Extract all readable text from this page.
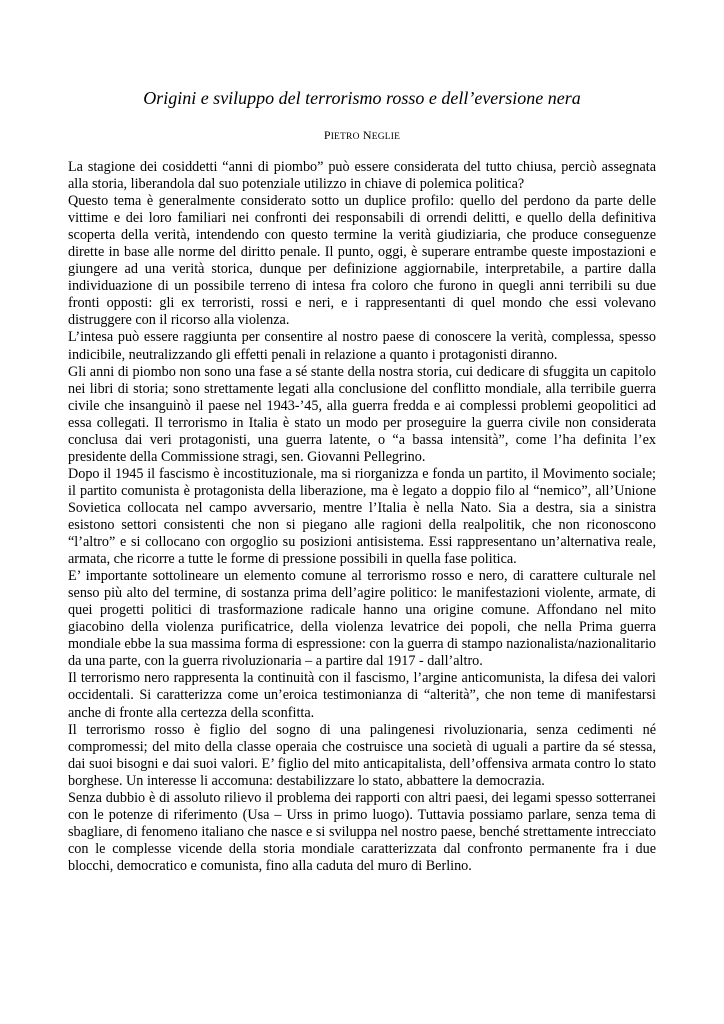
Origini e sviluppo del terrorismo rosso e dell’eversione nera
PIETRO NEGLIE

La stagione dei cosiddetti “anni di piombo” può essere considerata del tutto chiusa, perciò assegnata alla storia, liberandola dal suo potenziale utilizzo in chiave di polemica politica?

Questo tema è generalmente considerato sotto un duplice profilo: quello del perdono da parte delle vittime e dei loro familiari nei confronti dei responsabili di orrendi delitti, e quello della definitiva scoperta della verità, intendendo con questo termine la verità giudiziaria, che produce conseguenze dirette in base alle norme del diritto penale. Il punto, oggi, è superare entrambe queste impostazioni e giungere ad una verità storica, dunque per definizione aggiornabile, interpretabile, a partire dalla individuazione di un possibile terreno di intesa fra coloro che furono in quegli anni terribili su due fronti opposti: gli ex terroristi, rossi e neri, e i rappresentanti di quel mondo che essi volevano distruggere con il ricorso alla violenza.

L’intesa può essere raggiunta per consentire al nostro paese di conoscere la verità, complessa, spesso indicibile, neutralizzando gli effetti penali in relazione a quanto i protagonisti diranno.

Gli anni di piombo non sono una fase a sé stante della nostra storia, cui dedicare di sfuggita un capitolo nei libri di storia; sono strettamente legati alla conclusione del conflitto mondiale, alla terribile guerra civile che insanguinò il paese nel 1943-’45, alla guerra fredda e ai complessi problemi geopolitici ad essa collegati. Il terrorismo in Italia è stato un modo per proseguire la guerra civile non considerata conclusa dai veri protagonisti, una guerra latente, o “a bassa intensità”, come l’ha definita l’ex presidente della Commissione stragi, sen. Giovanni Pellegrino.

Dopo il 1945 il fascismo è incostituzionale, ma si riorganizza e fonda un partito, il Movimento sociale; il partito comunista è protagonista della liberazione, ma è legato a doppio filo al “nemico”, all’Unione Sovietica collocata nel campo avversario, mentre l’Italia è nella Nato. Sia a destra, sia a sinistra esistono settori consistenti che non si piegano alle ragioni della realpolitik, che non riconoscono “l’altro” e si collocano con orgoglio su posizioni antisistema. Essi rappresentano un’alternativa reale, armata, che ricorre a tutte le forme di pressione possibili in quella fase politica.

E’ importante sottolineare un elemento comune al terrorismo rosso e nero, di carattere culturale nel senso più alto del termine, di sostanza prima dell’agire politico: le manifestazioni violente, armate, di quei progetti politici di trasformazione radicale hanno una origine comune. Affondano nel mito giacobino della violenza purificatrice, della violenza levatrice dei popoli, che nella Prima guerra mondiale ebbe la sua massima forma di espressione: con la guerra di stampo nazionalista/nazionalitario da una parte, con la guerra rivoluzionaria – a partire dal 1917 - dall’altro.

Il terrorismo nero rappresenta la continuità con il fascismo, l’argine anticomunista, la difesa dei valori occidentali. Si caratterizza come un’eroica testimonianza di “alterità”, che non teme di manifestarsi anche di fronte alla certezza della sconfitta.

Il terrorismo rosso è figlio del sogno di una palingenesi rivoluzionaria, senza cedimenti né compromessi; del mito della classe operaia che costruisce una società di uguali a partire da sé stessa, dai suoi bisogni e dai suoi valori. E’ figlio del mito anticapitalista, dell’offensiva armata contro lo stato borghese. Un interesse li accomuna: destabilizzare lo stato, abbattere la democrazia.

Senza dubbio è di assoluto rilievo il problema dei rapporti con altri paesi, dei legami spesso sotterranei con le potenze di riferimento (Usa – Urss in primo luogo). Tuttavia possiamo parlare, senza tema di sbagliare, di fenomeno italiano che nasce e si sviluppa nel nostro paese, benché strettamente intrecciato con le complesse vicende della storia mondiale caratterizzata dal confronto permanente fra i due blocchi, democratico e comunista, fino alla caduta del muro di Berlino.
